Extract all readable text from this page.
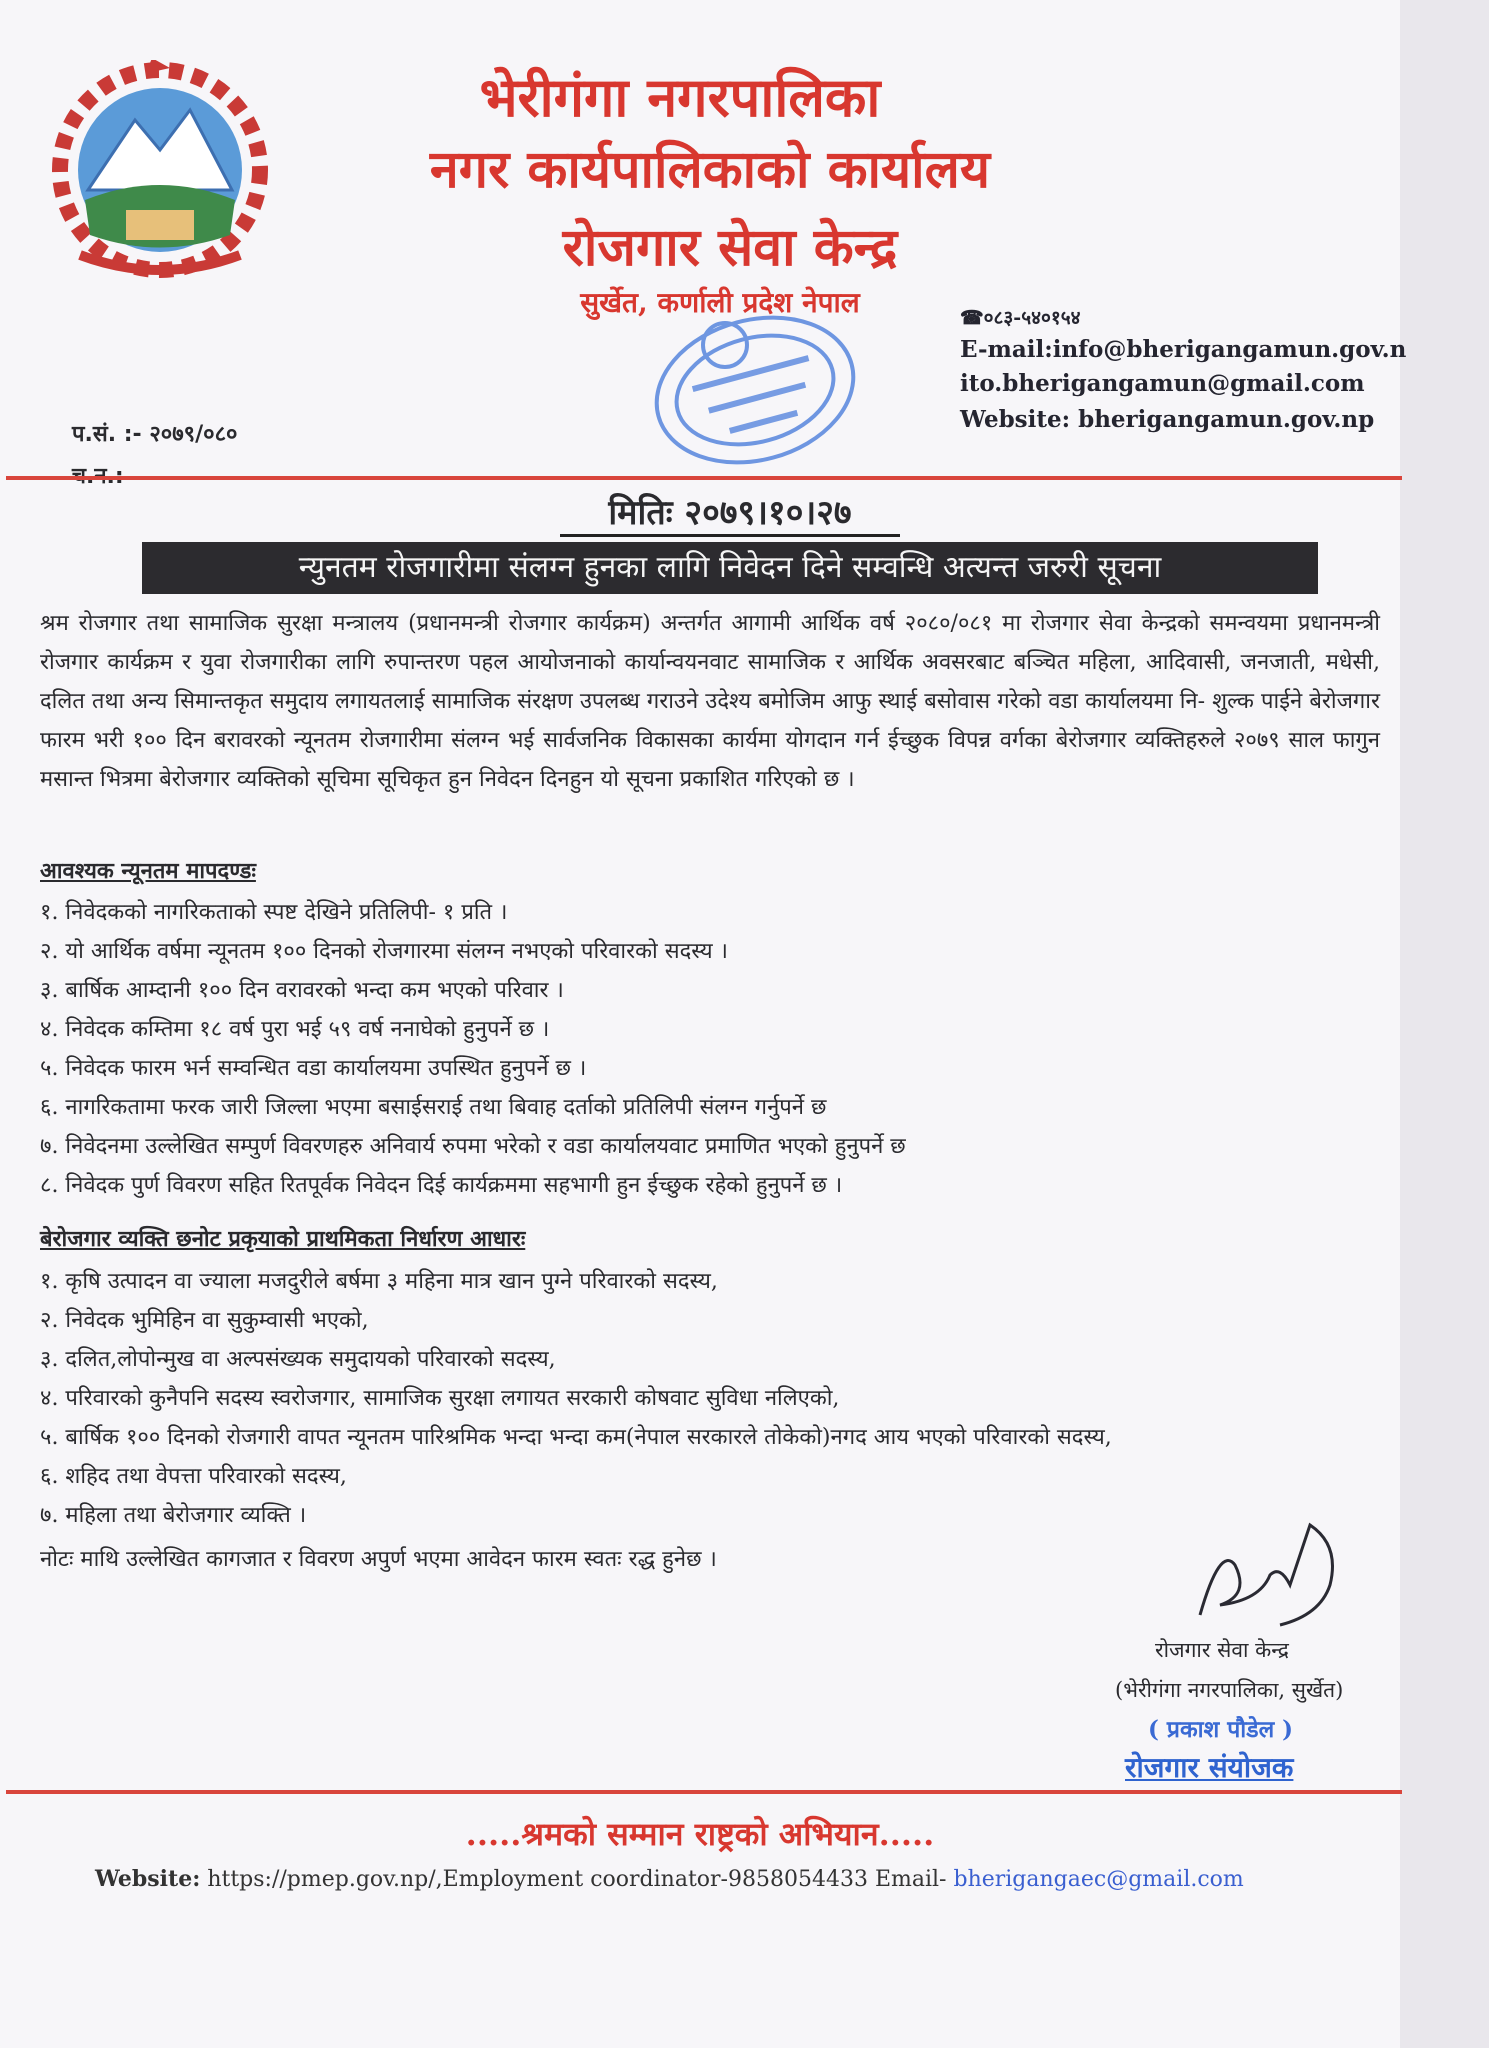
भेरीगंगा नगरपालिका
नगर कार्यपालिकाको कार्यालय
रोजगार सेवा केन्द्र
सुर्खेत, कर्णाली प्रदेश नेपाल	☎०८३-५४०१५४
E-mail:info@bherigangamun.gov.n
ito.bherigangamun@gmail.com
Website: bherigangamun.gov.np
प.सं. :- २०७९/०८०
मितिः २०७९।१०।२७
न्युनतम रोजगारीमा संलग्न हुनका लागि निवेदन दिने सम्वन्धि अत्यन्त जरुरी सूचना
श्रम रोजगार तथा सामाजिक सुरक्षा मन्त्रालय (प्रधानमन्त्री रोजगार कार्यक्रम) अन्तर्गत आगामी आर्थिक वर्ष २०८०/०८१ मा रोजगार सेवा केन्द्रको समन्वयमा प्रधानमन्त्री रोजगार कार्यक्रम र युवा रोजगारीका लागि रुपान्तरण पहल आयोजनाको कार्यान्वयनवाट सामाजिक र आर्थिक अवसरबाट बञ्चित महिला, आदिवासी, जनजाती, मधेसी, दलित तथा अन्य सिमान्तकृत समुदाय लगायतलाई सामाजिक संरक्षण उपलब्ध गराउने उदेश्य बमोजिम आफु स्थाई बसोवास गरेको वडा कार्यालयमा नि- शुल्क पाईने बेरोजगार फारम भरी १०० दिन बरावरको न्यूनतम रोजगारीमा संलग्न भई सार्वजनिक विकासका कार्यमा योगदान गर्न ईच्छुक विपन्न वर्गका बेरोजगार व्यक्तिहरुले २०७९ साल फागुन मसान्त भित्रमा बेरोजगार व्यक्तिको सूचिमा सूचिकृत हुन निवेदन दिनहुन यो सूचना प्रकाशित गरिएको छ ।
आवश्यक न्यूनतम मापदण्डः
१. निवेदकको नागरिकताको स्पष्ट देखिने प्रतिलिपी- १ प्रति ।
२. यो आर्थिक वर्षमा न्यूनतम १०० दिनको रोजगारमा संलग्न नभएको परिवारको सदस्य ।
३. बार्षिक आम्दानी १०० दिन वरावरको भन्दा कम भएको परिवार ।
४. निवेदक कम्तिमा १८ वर्ष पुरा भई ५९ वर्ष ननाघेको हुनुपर्ने छ ।
५. निवेदक फारम भर्न सम्वन्धित वडा कार्यालयमा उपस्थित हुनुपर्ने छ ।
६. नागरिकतामा फरक जारी जिल्ला भएमा बसाईसराई तथा बिवाह दर्ताको प्रतिलिपी संलग्न गर्नुपर्ने छ
७. निवेदनमा उल्लेखित सम्पुर्ण विवरणहरु अनिवार्य रुपमा भरेको र वडा कार्यालयवाट प्रमाणित भएको हुनुपर्ने छ
८. निवेदक पुर्ण विवरण सहित रितपूर्वक निवेदन दिई कार्यक्रममा सहभागी हुन ईच्छुक रहेको हुनुपर्ने छ ।
बेरोजगार व्यक्ति छनोट प्रकृयाको प्राथमिकता निर्धारण आधारः
१. कृषि उत्पादन वा ज्याला मजदुरीले बर्षमा ३ महिना मात्र खान पुग्ने परिवारको सदस्य,
२. निवेदक भुमिहिन वा सुकुम्वासी भएको,
३. दलित,लोपोन्मुख वा अल्पसंख्यक समुदायको परिवारको सदस्य,
४. परिवारको कुनैपनि सदस्य स्वरोजगार, सामाजिक सुरक्षा लगायत सरकारी कोषवाट सुविधा नलिएको,
५. बार्षिक १०० दिनको रोजगारी वापत न्यूनतम पारिश्रमिक भन्दा भन्दा कम(नेपाल सरकारले तोकेको)नगद आय भएको परिवारको सदस्य,
६. शहिद तथा वेपत्ता परिवारको सदस्य,
७. महिला तथा बेरोजगार व्यक्ति ।
नोटः माथि उल्लेखित कागजात र विवरण अपुर्ण भएमा आवेदन फारम स्वतः रद्ध हुनेछ ।
रोजगार सेवा केन्द्र
(भेरीगंगा नगरपालिका, सुर्खेत)
( प्रकाश पौडेल )
रोजगार संयोजक
.....श्रमको सम्मान राष्ट्रको अभियान.....
Website: https://pmep.gov.np/,Employment coordinator-9858054433 Email- bherigangaec@gmail.com
